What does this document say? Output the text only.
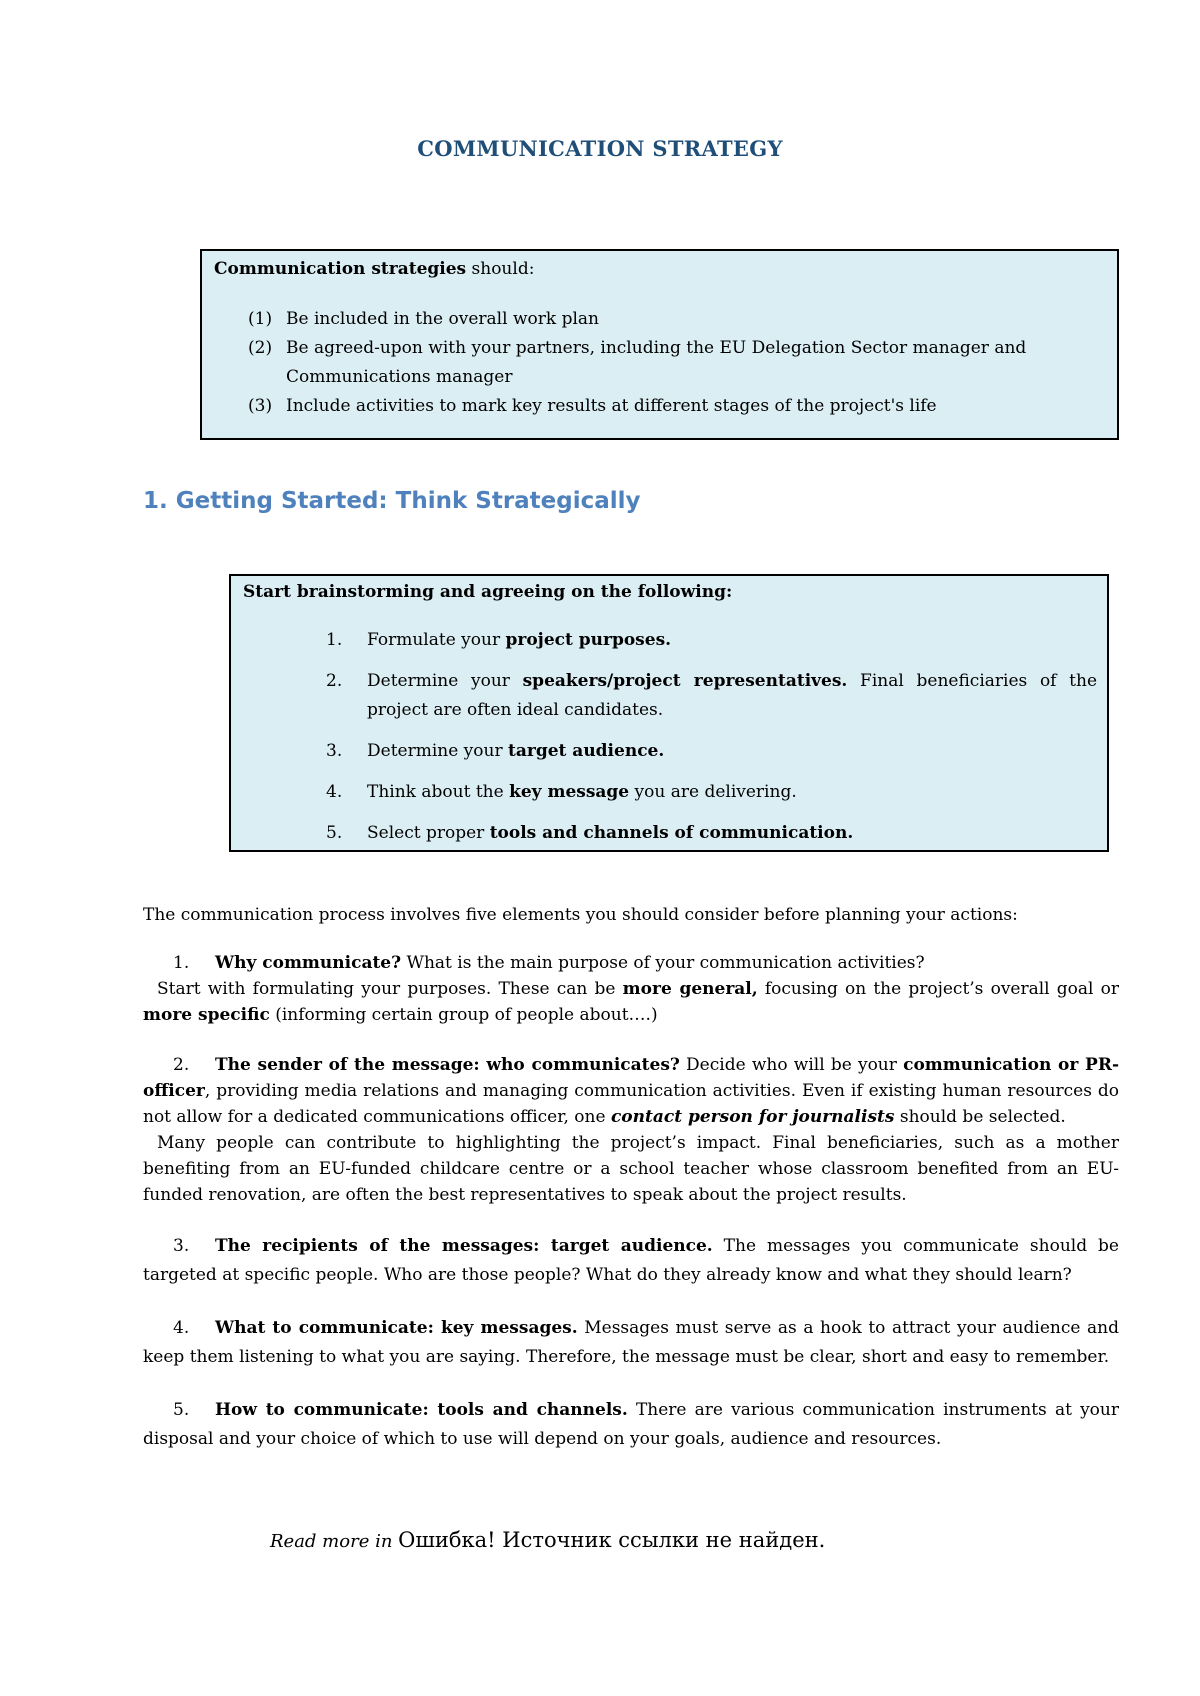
COMMUNICATION STRATEGY

Communication strategies should:

(1) Be included in the overall work plan
(2) Be agreed-upon with your partners, including the EU Delegation Sector manager and Communications manager
(3) Include activities to mark key results at different stages of the project's life
1. Getting Started: Think Strategically

Start brainstorming and agreeing on the following:

1. Formulate your project purposes.
2. Determine your speakers/project representatives. Final beneficiaries of the project are often ideal candidates.
3. Determine your target audience.
4. Think about the key message you are delivering.
5. Select proper tools and channels of communication.

The communication process involves five elements you should consider before planning your actions:

1. Why communicate? What is the main purpose of your communication activities?

Start with formulating your purposes. These can be more general, focusing on the project’s overall goal or more specific (informing certain group of people about….)

2. The sender of the message: who communicates? Decide who will be your communication or PR-officer, providing media relations and managing communication activities. Even if existing human resources do not allow for a dedicated communications officer, one contact person for journalists should be selected.

Many people can contribute to highlighting the project’s impact. Final beneficiaries, such as a mother benefiting from an EU-funded childcare centre or a school teacher whose classroom benefited from an EU-funded renovation, are often the best representatives to speak about the project results.

3. The recipients of the messages: target audience. The messages you communicate should be targeted at specific people. Who are those people? What do they already know and what they should learn?

4. What to communicate: key messages. Messages must serve as a hook to attract your audience and keep them listening to what you are saying. Therefore, the message must be clear, short and easy to remember.

5. How to communicate: tools and channels. There are various communication instruments at your disposal and your choice of which to use will depend on your goals, audience and resources.

Read more in Ошибка! Источник ссылки не найден.
